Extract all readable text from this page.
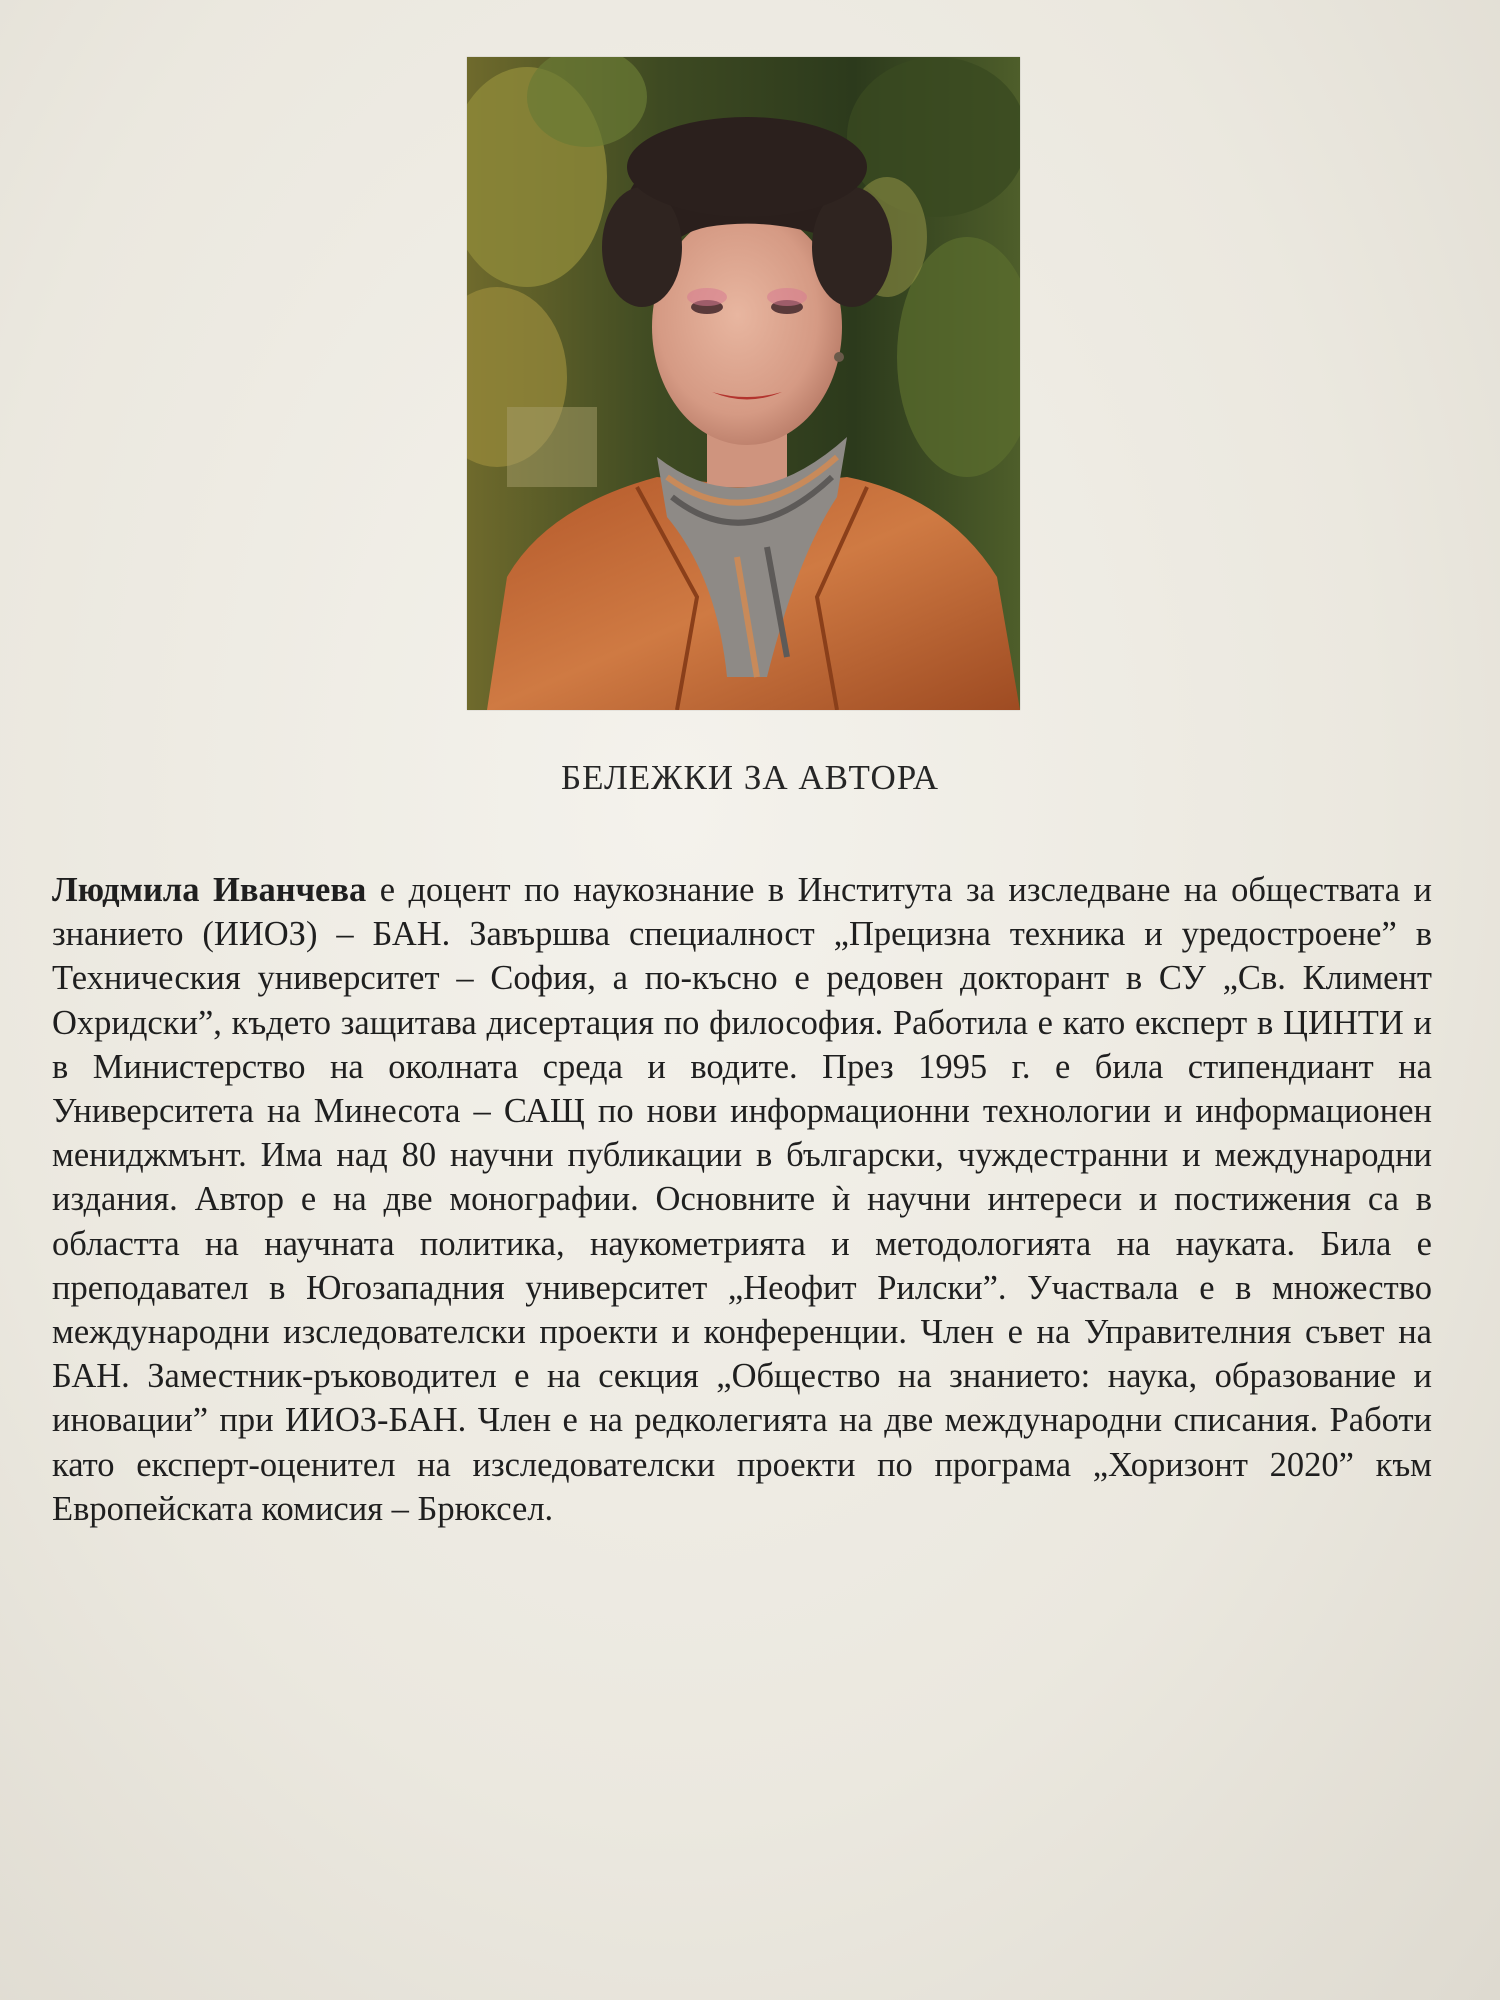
БЕЛЕЖКИ ЗА АВТОРА

Людмила Иванчева е доцент по наукознание в Института за изследване на обществата и знанието (ИИОЗ) – БАН. Завършва специалност „Прецизна техника и уредостроене” в Техническия университет – София, а по-късно е редовен докторант в СУ „Св. Климент Охридски”, където защитава дисертация по философия. Работила е като експерт в ЦИНТИ и в Министерство на околната среда и водите. През 1995 г. е била стипендиант на Университета на Минесота – САЩ по нови информационни технологии и информационен мениджмънт. Има над 80 научни публикации в български, чуждестранни и международни издания. Автор е на две монографии. Основните ѝ научни интереси и постижения са в областта на научната политика, наукометрията и методологията на науката. Била е преподавател в Югозападния университет „Неофит Рилски”. Участвала е в множество международни изследователски проекти и конференции. Член е на Управителния съвет на БАН. Заместник-ръководител е на секция „Общество на знанието: наука, образование и иновации” при ИИОЗ-БАН. Член е на редколегията на две международни списания. Работи като експерт-оценител на изследователски проекти по програма „Хоризонт 2020” към Европейската комисия – Брюксел.
